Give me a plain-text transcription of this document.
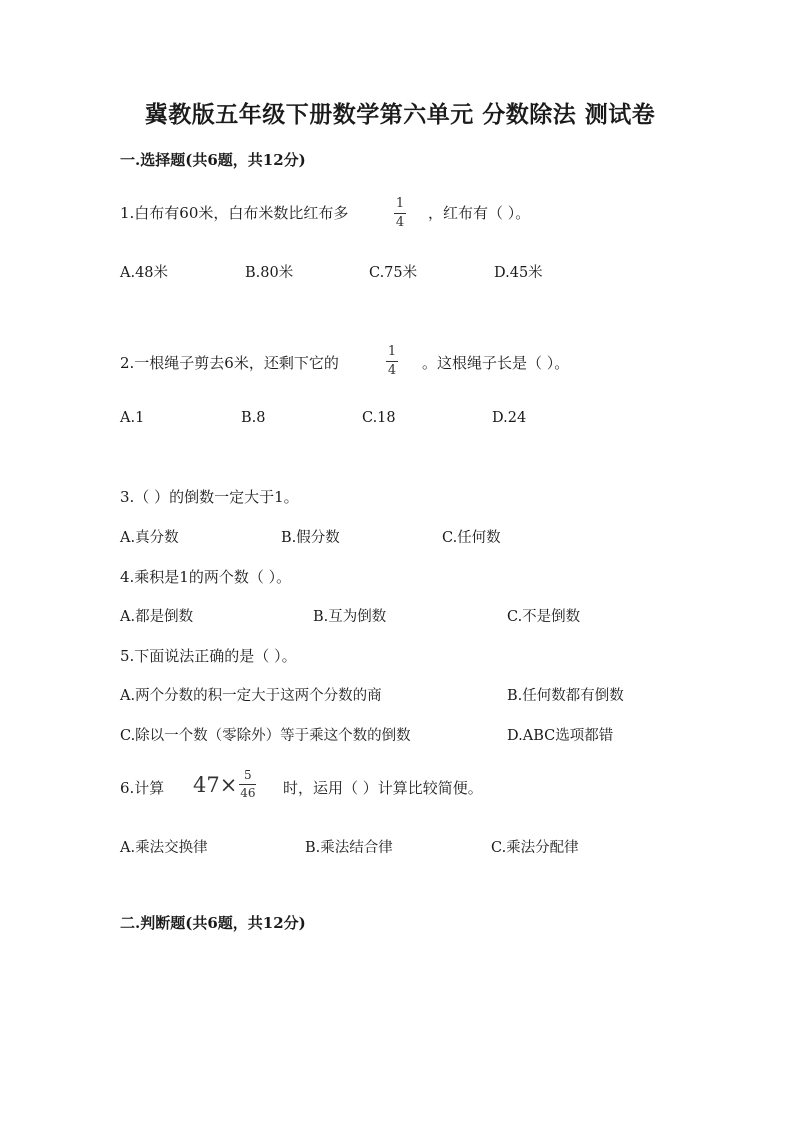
冀教版五年级下册数学第六单元 分数除法 测试卷
一.选择题(共6题，共12分)
1.白布有60米，白布米数比红布多
1
4
，红布有（ ）。
A.48米	B.80米	C.75米	D.45米
2.一根绳子剪去6米，还剩下它的
1
4 。这根绳子长是（ ）。
A.1	B.8	C.18	D.24
3.（ ）的倒数一定大于1。
A.真分数	B.假分数	C.任何数
4.乘积是1的两个数（ ）。
A.都是倒数	B.互为倒数	C.不是倒数
5.下面说法正确的是（ ）。
A.两个分数的积一定大于这两个分数的商	B.任何数都有倒数
C.除以一个数（零除外）等于乘这个数的倒数	D.ABC选项都错
6.计算 47× 5
46 时，运用（ ）计算比较简便。
A.乘法交换律	B.乘法结合律	C.乘法分配律
二.判断题(共6题，共12分)
